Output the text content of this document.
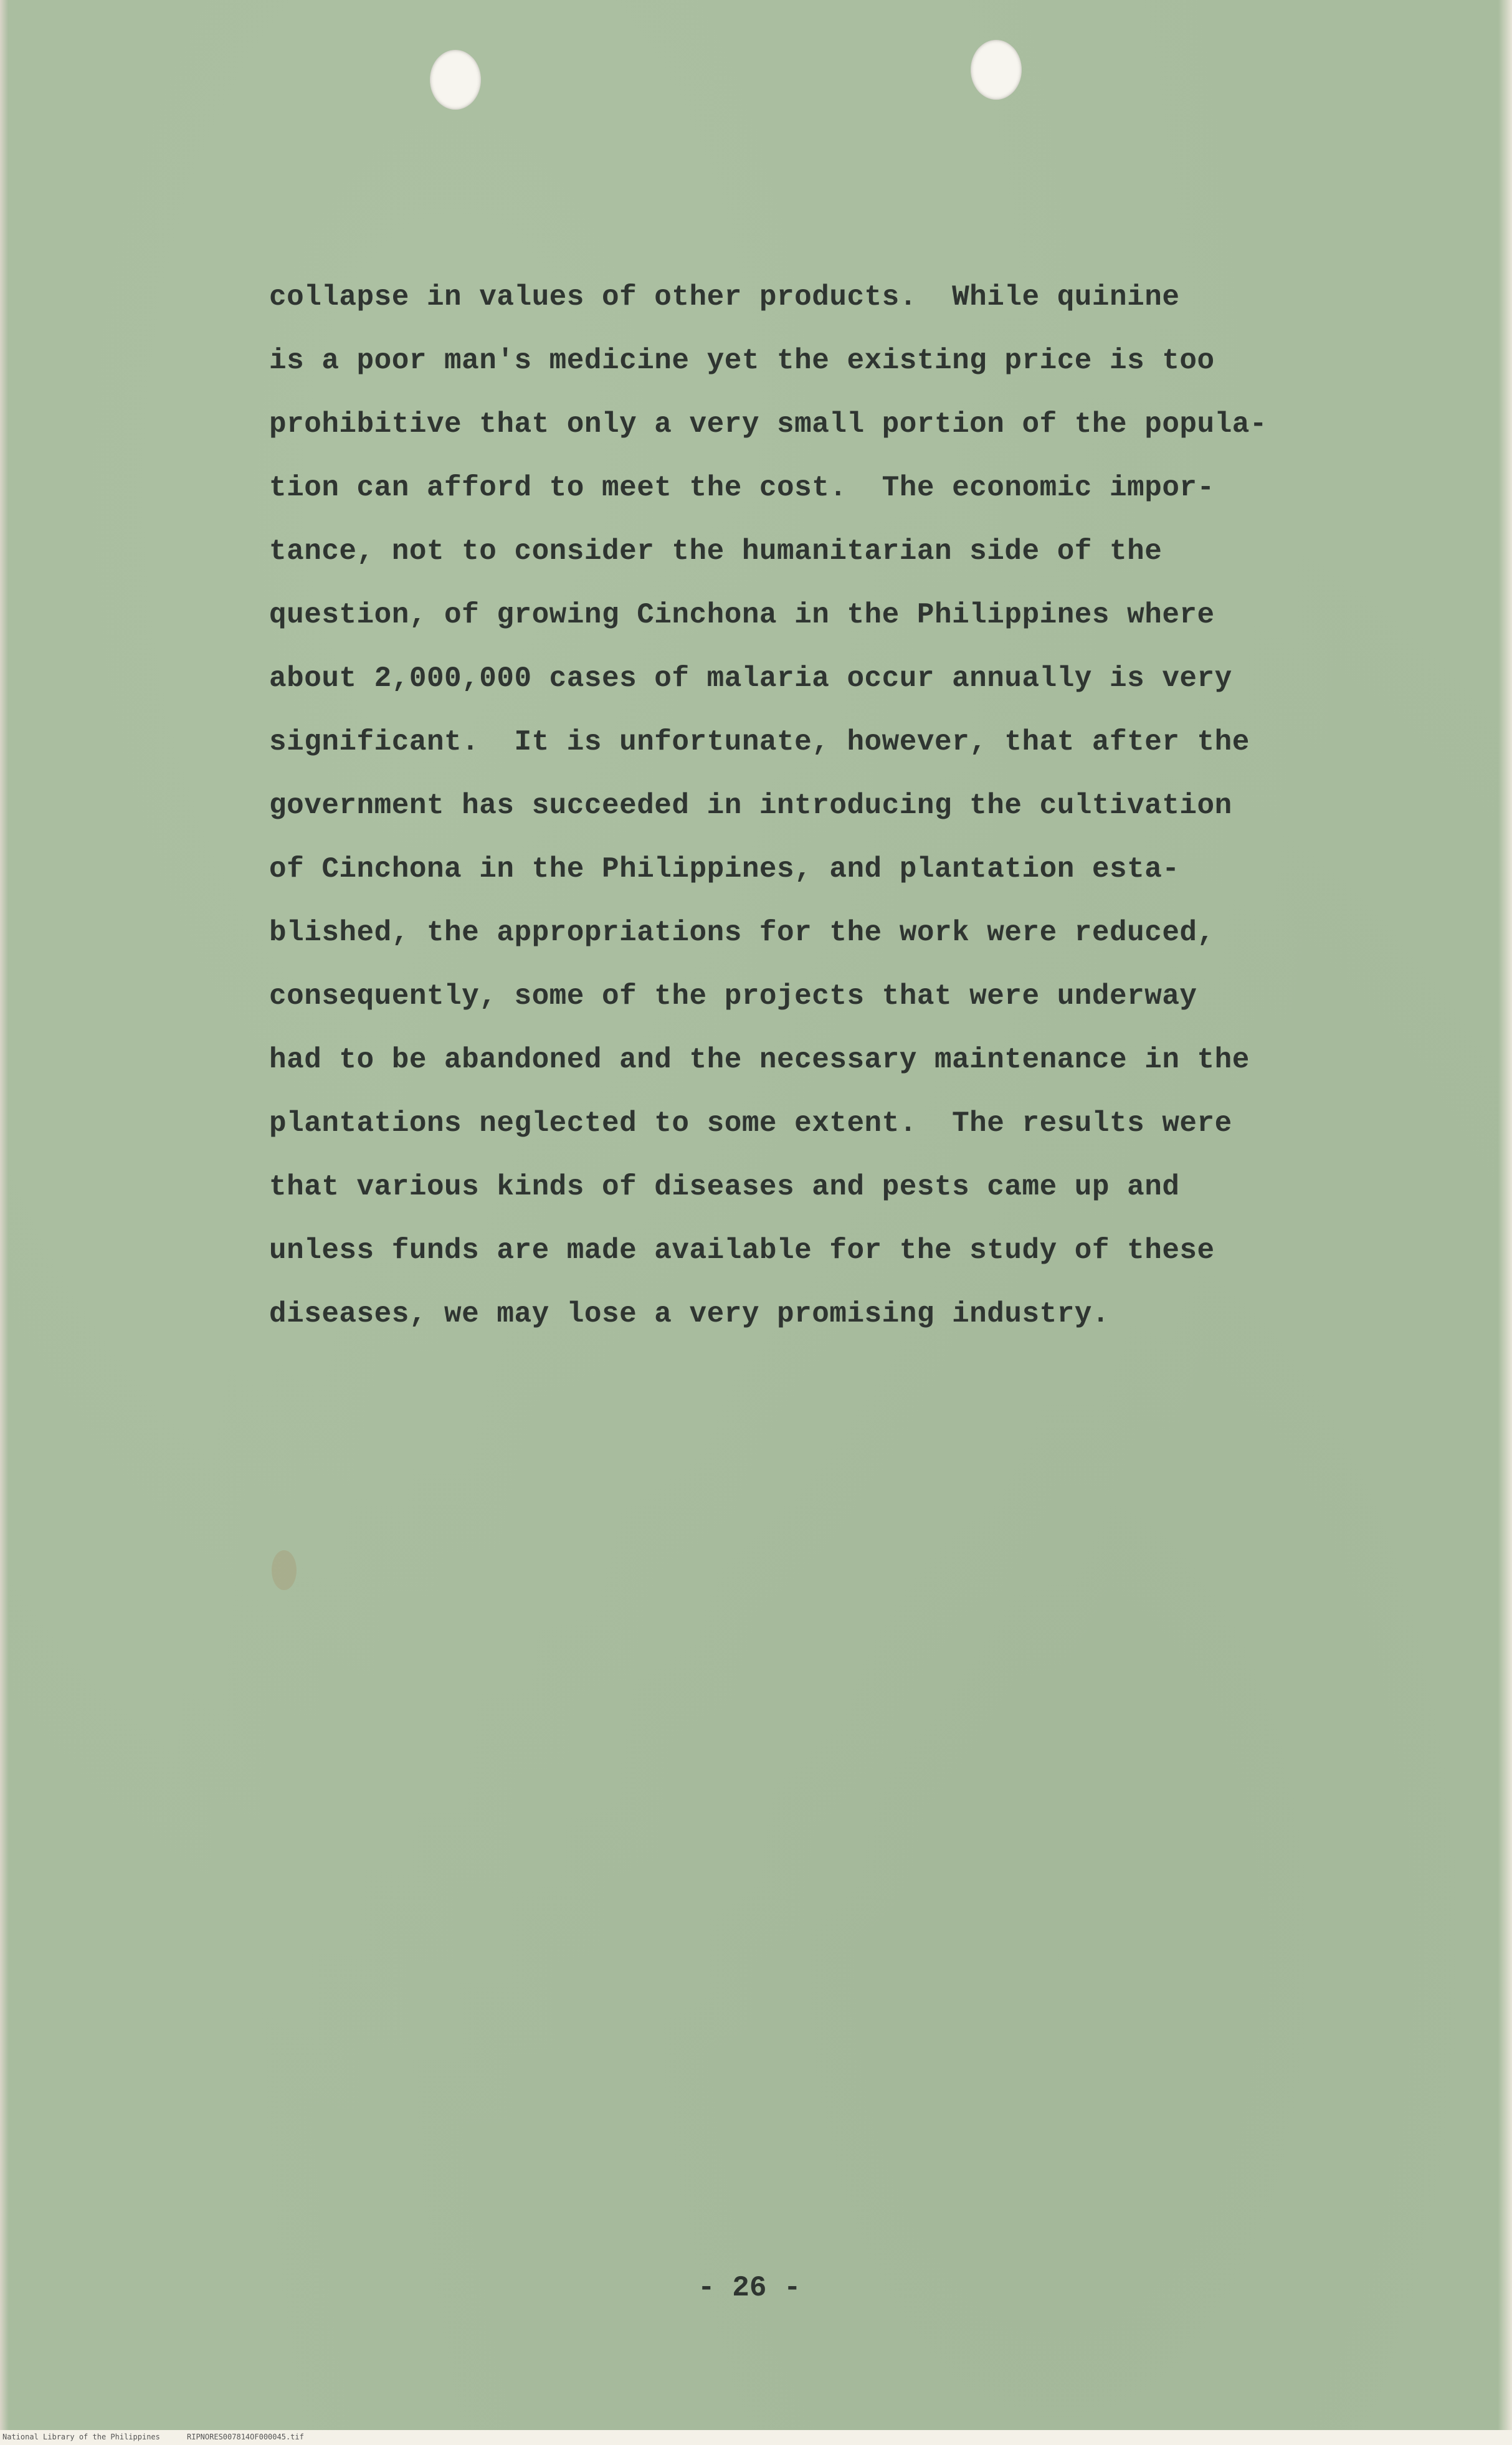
collapse in values of other products.  While quinine
is a poor man's medicine yet the existing price is too
prohibitive that only a very small portion of the popula-
tion can afford to meet the cost.  The economic impor-
tance, not to consider the humanitarian side of the
question, of growing Cinchona in the Philippines where
about 2,000,000 cases of malaria occur annually is very
significant.  It is unfortunate, however, that after the
government has succeeded in introducing the cultivation
of Cinchona in the Philippines, and plantation esta-
blished, the appropriations for the work were reduced,
consequently, some of the projects that were underway
had to be abandoned and the necessary maintenance in the
plantations neglected to some extent.  The results were
that various kinds of diseases and pests came up and
unless funds are made available for the study of these
diseases, we may lose a very promising industry.
- 26 -
National Library of the Philippines	RIPNORES007814OF000045.tif
